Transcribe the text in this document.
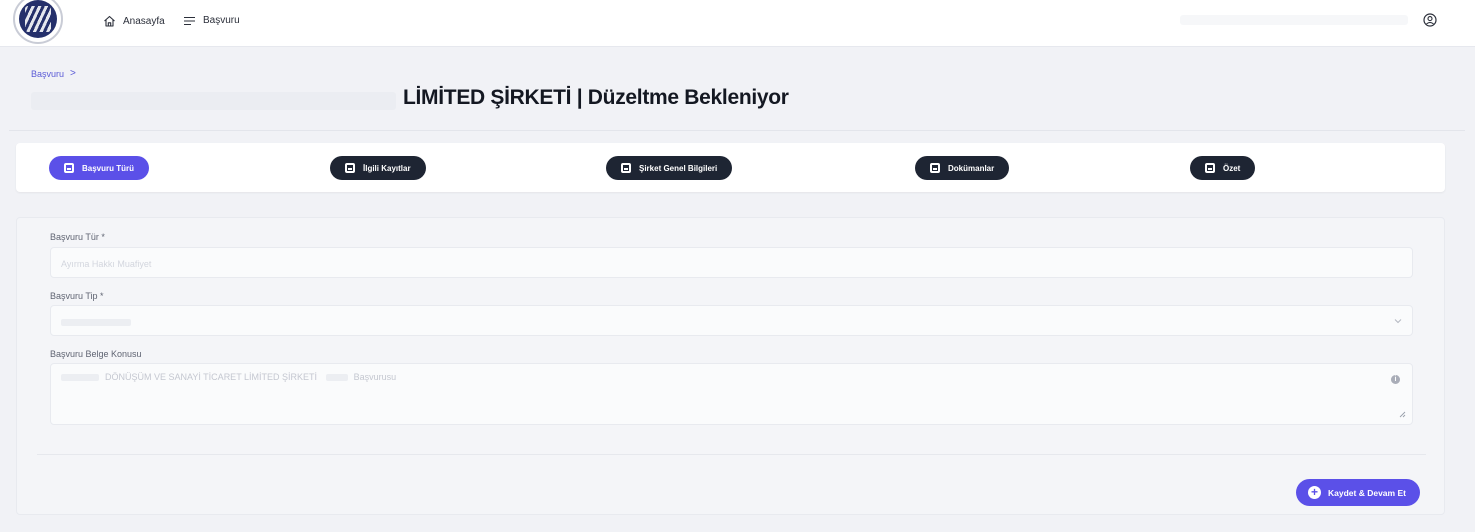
Anasayfa	Başvuru
Başvuru >
LİMİTED ŞİRKETİ | Düzeltme Bekleniyor
Başvuru Türü	İlgili Kayıtlar	Şirket Genel Bilgileri	Dokümanlar	Özet
Başvuru Tür *
Ayırma Hakkı Muafiyet
Başvuru Tip *
Başvuru Belge Konusu
DÖNÜŞÜM VE SANAYİ TİCARET LİMİTED ŞİRKETİ	Başvurusu	i
+	Kaydet & Devam Et
